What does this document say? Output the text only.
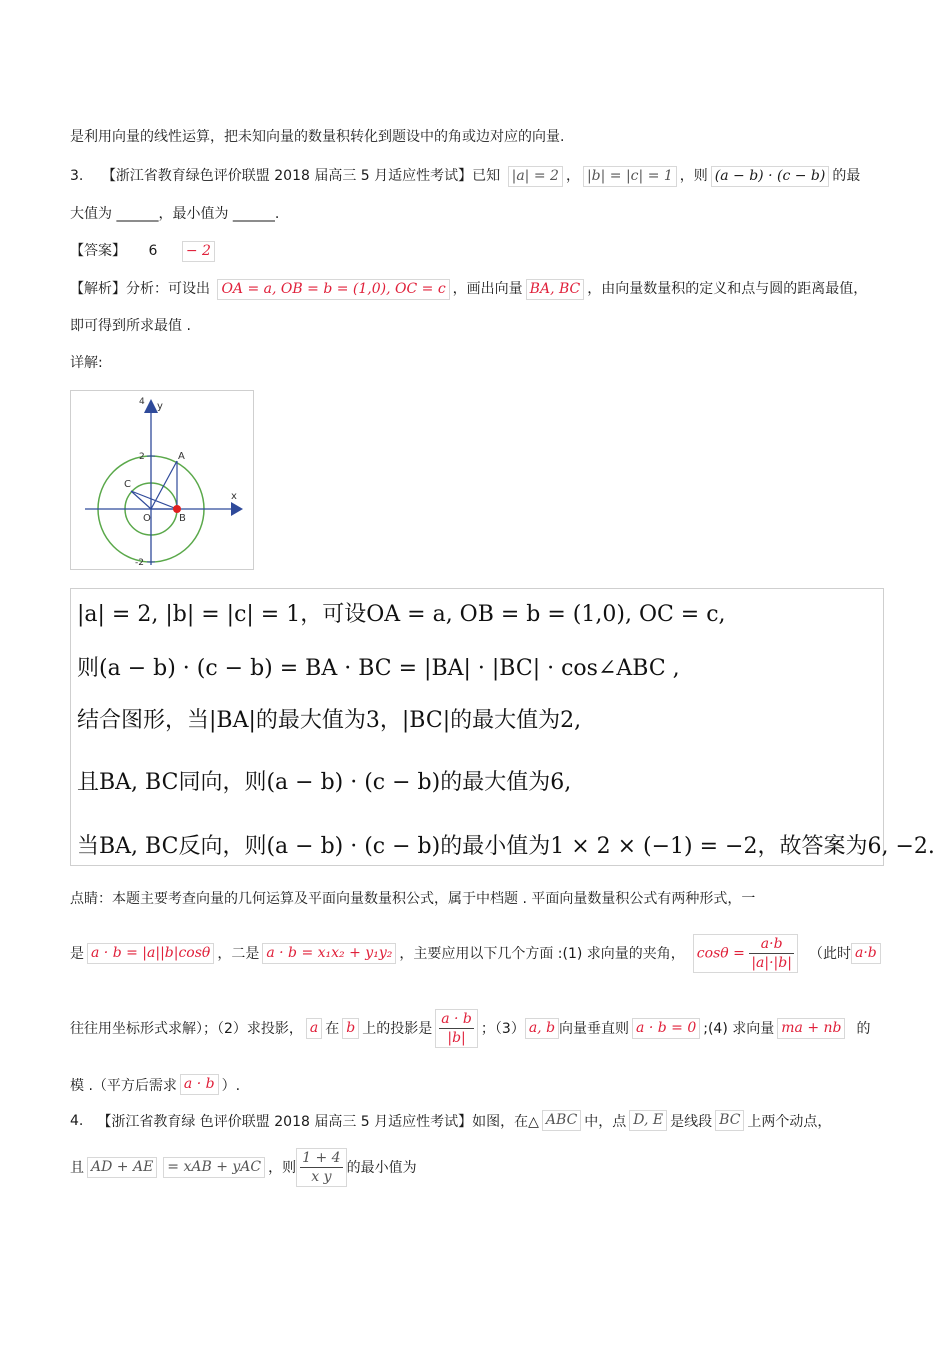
是利用向量的线性运算，把未知向量的数量积转化到题设中的角或边对应的向量.
3. 【浙江省教育绿色评价联盟 2018 届高三 5 月适应性考试】已知 |a| = 2 ， |b| = |c| = 1 ，则 (a − b) · (c − b) 的最
大值为 ______，最小值为 ______.
【答案】 6 − 2
【解析】分析：可设出 OA = a, OB = b = (1,0), OC = c ，画出向量 BA, BC ，由向量数量积的定义和点与圆的距离最值，
即可得到所求最值 .
详解:
y
4
2
-2
x
A
B
C
O
|a| = 2, |b| = |c| = 1，可设OA = a, OB = b = (1,0), OC = c,
则(a − b) · (c − b) = BA · BC = |BA| · |BC| · cos∠ABC ,
结合图形，当|BA|的最大值为3，|BC|的最大值为2,
且BA, BC同向，则(a − b) · (c − b)的最大值为6,
当BA, BC反向，则(a − b) · (c − b)的最小值为1 × 2 × (−1) = −2，故答案为6, −2.
点睛：本题主要考查向量的几何运算及平面向量数量积公式，属于中档题 . 平面向量数量积公式有两种形式，一
是 a · b = |a||b|cosθ ，二是 a · b = x₁x₂ + y₁y₂ ，主要应用以下几个方面 :(1) 求向量的夹角， $\cos\theta = \frac{a\cdot b}{|a|\cdot|b|}$ （此时 a·b
往往用坐标形式求解）；（2）求投影， a 在 b 上的投影是 $\frac{a \cdot b}{|b|}$ ；（3） a, b 向量垂直则 a · b = 0 ;(4) 求向量 ma + nb 的
模 .（平方后需求 a · b ）.
4. 【浙江省教育绿 色评价联盟 2018 届高三 5 月适应性考试】如图，在△ ABC 中，点 D, E 是线段 BC 上两个动点，
且 AD + AE = xAB + yAC ，则 $\frac{1 + 4}{\text{x y}}$ 的最小值为
